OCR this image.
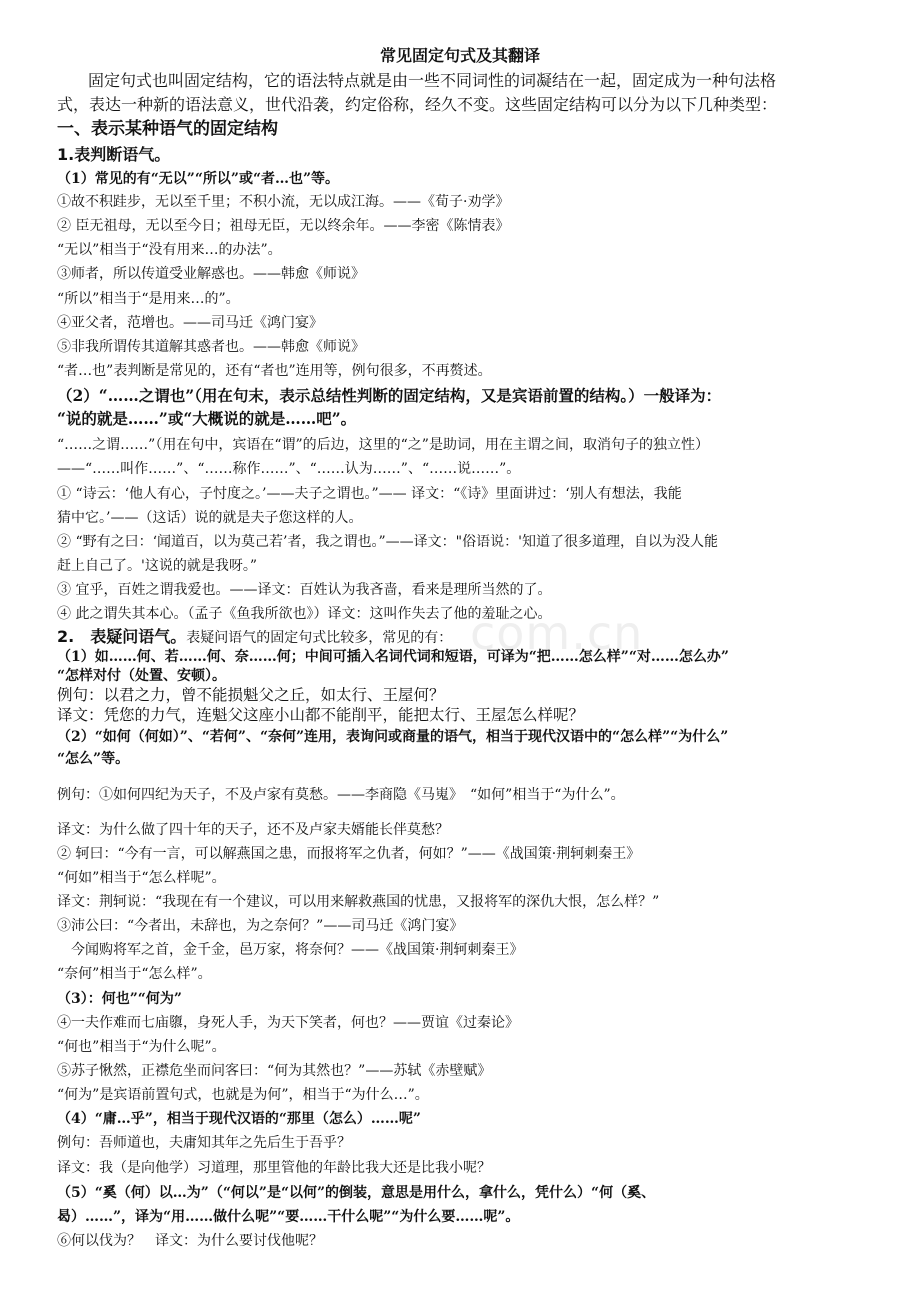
com.cn
常见固定句式及其翻译
固定句式也叫固定结构，它的语法特点就是由一些不同词性的词凝结在一起，固定成为一种句法格
式，表达一种新的语法意义，世代沿袭，约定俗称，经久不变。这些固定结构可以分为以下几种类型：
一、表示某种语气的固定结构
1.表判断语气。
（1）常见的有“无以”“所以”或“者…也”等。
①故不积跬步，无以至千里；不积小流，无以成江海。——《荀子·劝学》
② 臣无祖母，无以至今日；祖母无臣，无以终余年。——李密《陈情表》
“无以”相当于“没有用来…的办法”。
③师者，所以传道受业解惑也。——韩愈《师说》
“所以”相当于“是用来…的”。
④亚父者，范增也。——司马迁《鸿门宴》
⑤非我所谓传其道解其惑者也。——韩愈《师说》
“者…也”表判断是常见的，还有“者也”连用等，例句很多，不再赘述。
（2）“……之谓也”（用在句末，表示总结性判断的固定结构，又是宾语前置的结构。）一般译为：
“说的就是……”或“大概说的就是……吧”。
“……之谓……”（用在句中，宾语在“谓”的后边，这里的“之”是助词，用在主谓之间，取消句子的独立性）
——“……叫作……”、“……称作……”、“……认为……”、“……说……”。
① “诗云：‘他人有心，子忖度之。’——夫子之谓也。”—— 译文：“《诗》里面讲过：‘别人有想法，我能
猜中它。’——（这话）说的就是夫子您这样的人。
② “野有之曰：‘闻道百，以为莫己若’者，我之谓也。”——译文："俗语说：'知道了很多道理，自以为没人能
赶上自己了。'这说的就是我呀。”
③ 宜乎，百姓之谓我爱也。——译文：百姓认为我吝啬，看来是理所当然的了。
④ 此之谓失其本心。（孟子《鱼我所欲也》）译文：这叫作失去了他的羞耻之心。
2.　表疑问语气。表疑问语气的固定句式比较多，常见的有：
（1）如……何、若……何、奈……何；中间可插入名词代词和短语，可译为“把……怎么样”“对……怎么办”
“怎样对付（处置、安顿）。
例句：以君之力，曾不能损魁父之丘，如太行、王屋何？
译文：凭您的力气，连魁父这座小山都不能削平，能把太行、王屋怎么样呢？
（2）“如何（何如）”、“若何”、“奈何”连用，表询问或商量的语气，相当于现代汉语中的“怎么样”“为什么”
“怎么”等。
例句：①如何四纪为天子，不及卢家有莫愁。——李商隐《马嵬》　“如何”相当于“为什么”。
译文：为什么做了四十年的天子，还不及卢家夫婿能长伴莫愁？
② 轲曰：“今有一言，可以解燕国之患，而报将军之仇者，何如？”——《战国策·荆轲刺秦王》
“何如”相当于“怎么样呢”。
译文：荆轲说：“我现在有一个建议，可以用来解救燕国的忧患，又报将军的深仇大恨，怎么样？”
③沛公曰：“今者出，未辞也，为之奈何？”——司马迁《鸿门宴》
　今闻购将军之首，金千金，邑万家，将奈何？——《战国策·荆轲刺秦王》
“奈何”相当于“怎么样”。
（3）：何也”“何为”
④一夫作难而七庙隳，身死人手，为天下笑者，何也？——贾谊《过秦论》
“何也”相当于“为什么呢”。
⑤苏子愀然，正襟危坐而问客曰：“何为其然也？”——苏轼《赤壁赋》
“何为”是宾语前置句式，也就是为何”，相当于“为什么…”。
（4）“庸…乎”，相当于现代汉语的“那里（怎么）……呢”
例句：吾师道也，夫庸知其年之先后生于吾乎？
译文：我（是向他学）习道理，那里管他的年龄比我大还是比我小呢？
（5）“奚（何）以…为”（“何以”是“以何”的倒装，意思是用什么，拿什么，凭什么）“何（奚、
曷）……”，译为“用……做什么呢”“要……干什么呢”“为什么要……呢”。
⑥何以伐为？　译文：为什么要讨伐他呢？
